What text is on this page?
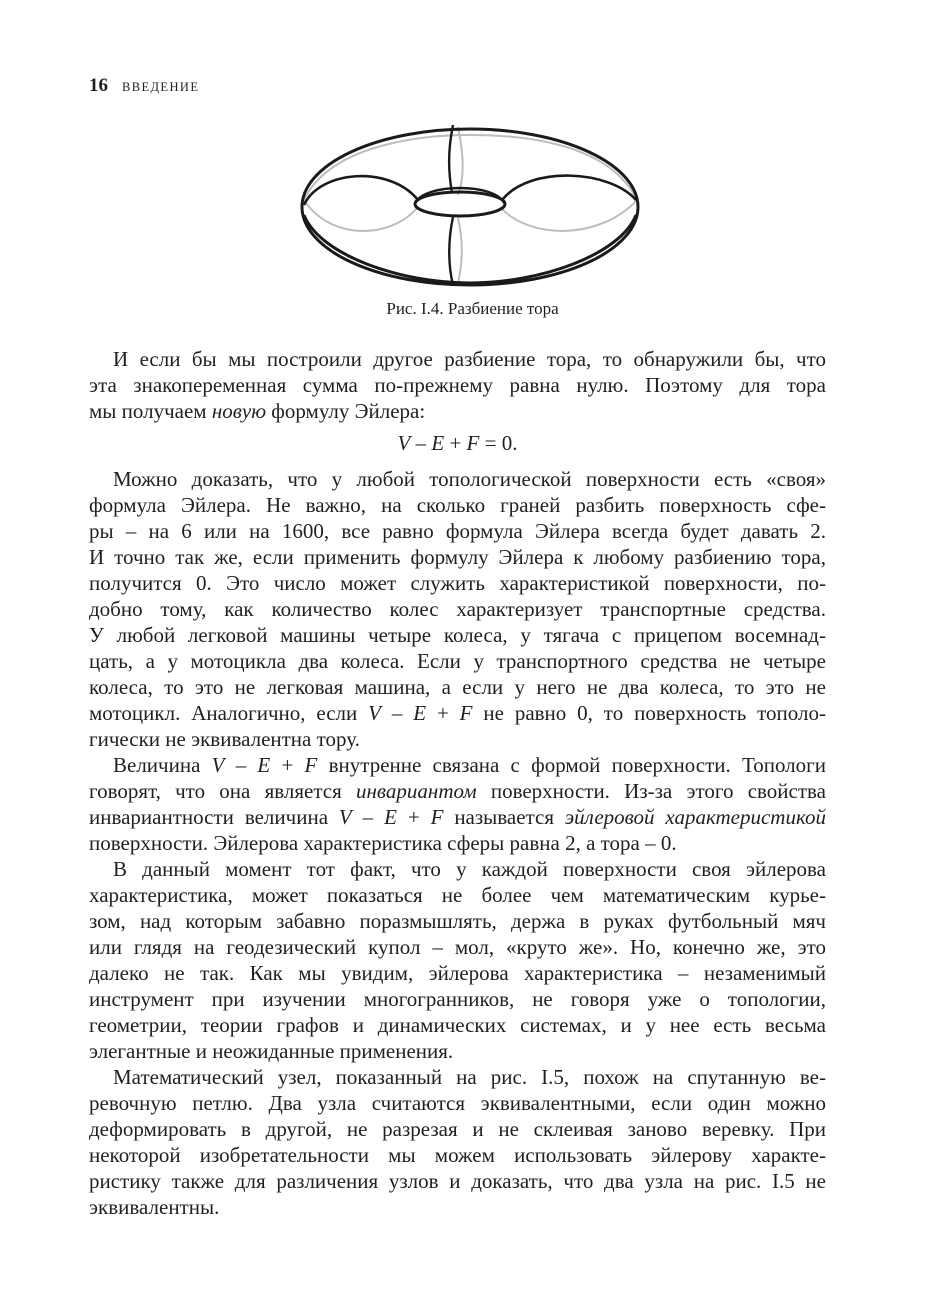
16 ВВЕДЕНИЕ
Рис. I.4. Разбиение тора
И если бы мы построили другое разбиение тора, то обнаружили бы, что
эта знакопеременная сумма по-прежнему равна нулю. Поэтому для тора
мы получаем новую формулу Эйлера:
V – E + F = 0.
Можно доказать, что у любой топологической поверхности есть «своя»
формула Эйлера. Не важно, на сколько граней разбить поверхность сфе-
ры – на 6 или на 1600, все равно формула Эйлера всегда будет давать 2.
И точно так же, если применить формулу Эйлера к любому разбиению тора,
получится 0. Это число может служить характеристикой поверхности, по-
добно тому, как количество колес характеризует транспортные средства.
У любой легковой машины четыре колеса, у тягача с прицепом восемнад-
цать, а у мотоцикла два колеса. Если у транспортного средства не четыре
колеса, то это не легковая машина, а если у него не два колеса, то это не
мотоцикл. Аналогично, если V – E + F не равно 0, то поверхность тополо-
гически не эквивалентна тору.
Величина V – E + F внутренне связана с формой поверхности. Топологи
говорят, что она является инвариантом поверхности. Из-за этого свойства
инвариантности величина V – E + F называется эйлеровой характеристикой
поверхности. Эйлерова характеристика сферы равна 2, а тора – 0.
В данный момент тот факт, что у каждой поверхности своя эйлерова
характеристика, может показаться не более чем математическим курье-
зом, над которым забавно поразмышлять, держа в руках футбольный мяч
или глядя на геодезический купол – мол, «круто же». Но, конечно же, это
далеко не так. Как мы увидим, эйлерова характеристика – незаменимый
инструмент при изучении многогранников, не говоря уже о топологии,
геометрии, теории графов и динамических системах, и у нее есть весьма
элегантные и неожиданные применения.
Математический узел, показанный на рис. I.5, похож на спутанную ве-
ревочную петлю. Два узла считаются эквивалентными, если один можно
деформировать в другой, не разрезая и не склеивая заново веревку. При
некоторой изобретательности мы можем использовать эйлерову характе-
ристику также для различения узлов и доказать, что два узла на рис. I.5 не
эквивалентны.
